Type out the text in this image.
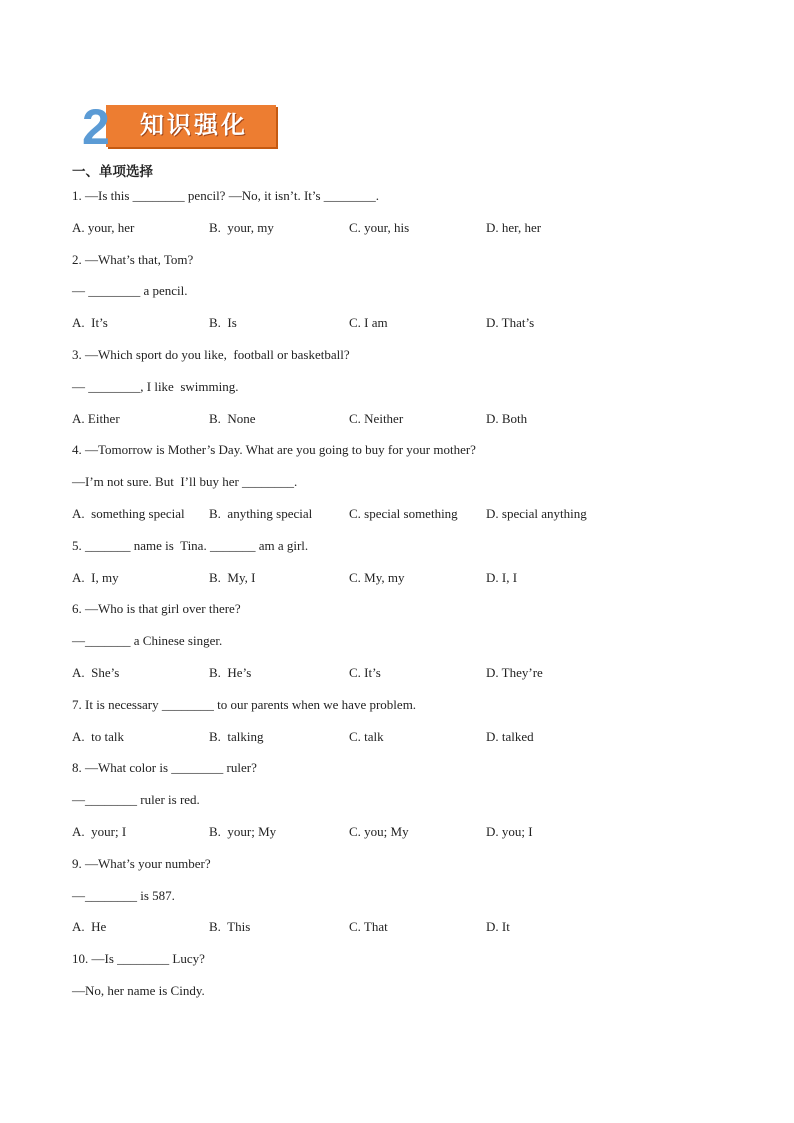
2 知识强化
一、单项选择
1. —Is this ________ pencil? —No, it isn’t. It’s ________.
A. your, her	B.  your, my	C. your, his	D. her, her
2. —What’s that, Tom?
— ________ a pencil.
A.  It’s	B.  Is	C. I am	D. That’s
3. —Which sport do you like,  football or basketball?
— ________, I like  swimming.
A. Either	B.  None	C. Neither	D. Both
4. —Tomorrow is Mother’s Day. What are you going to buy for your mother?
—I’m not sure. But  I’ll buy her ________.
A.  something special B.  anything special	C. special something D. special anything
5. _______ name is  Tina. _______ am a girl.
A.  I, my	B.  My, I	C. My, my	D. I, I
6. —Who is that girl over there?
—_______ a Chinese singer.
A.  She’s	B.  He’s	C. It’s	D. They’re
7. It is necessary ________ to our parents when we have problem.
A.  to talk	B.  talking	C. talk	D. talked
8. —What color is ________ ruler?
—________ ruler is red.
A.  your; I	B.  your; My	C. you; My	D. you; I
9. —What’s your number?
—________ is 587.
A.  He	B.  This	C. That	D. It
10. —Is ________ Lucy?
—No, her name is Cindy.
